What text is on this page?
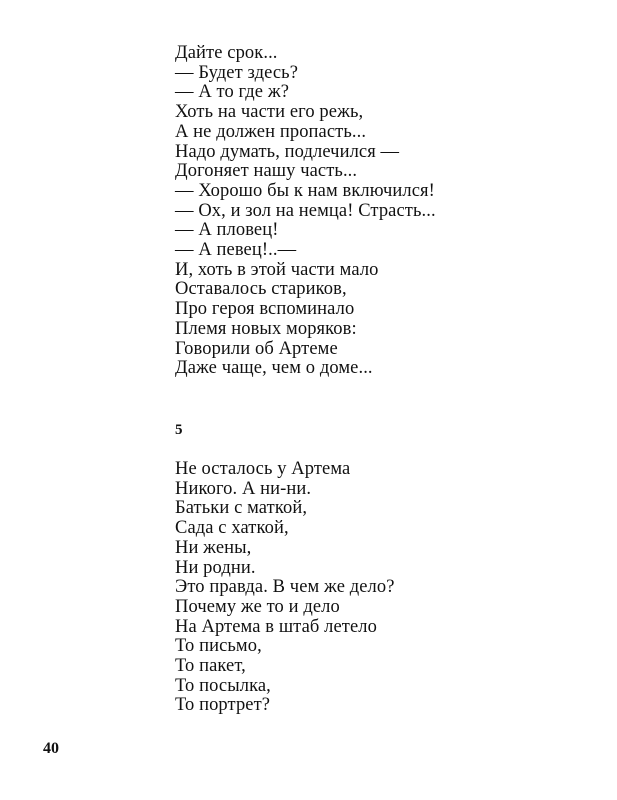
Дайте срок...
— Будет здесь?
— А то где ж?
Хоть на части его режь,
А не должен пропасть...
Надо думать, подлечился —
Догоняет нашу часть...
— Хорошо бы к нам включился!
— Ох, и зол на немца! Страсть...
— А пловец!
— А певец!..—
И, хоть в этой части мало
Оставалось стариков,
Про героя вспоминало
Племя новых моряков:
Говорили об Артеме
Даже чаще, чем о доме...
5
Не осталось у Артема
Никого. А ни-ни.
Батьки с маткой,
Сада с хаткой,
Ни жены,
Ни родни.
Это правда. В чем же дело?
Почему же то и дело
На Артема в штаб летело
То письмо,
То пакет,
То посылка,
То портрет?
40
